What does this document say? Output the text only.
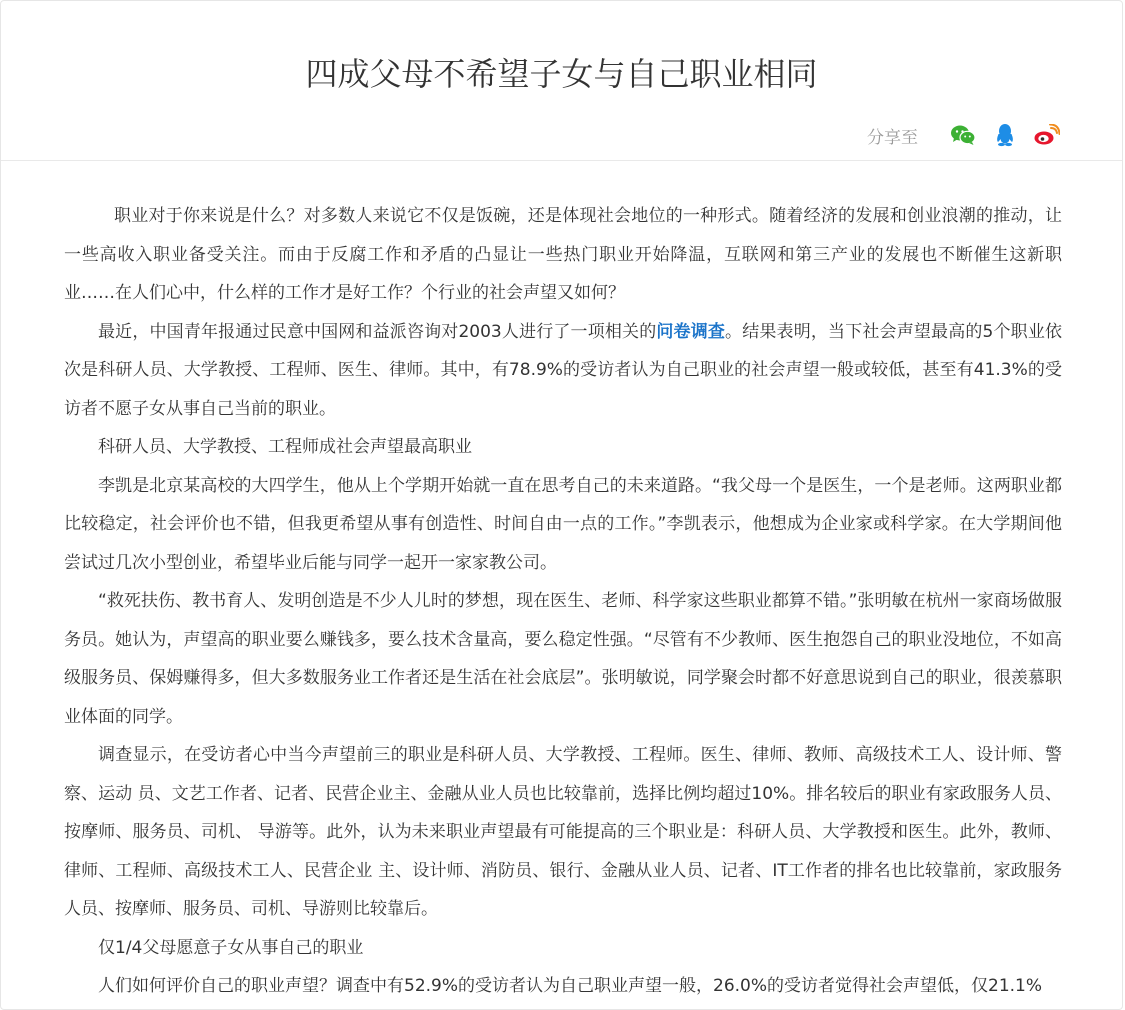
四成父母不希望子女与自己职业相同
分享至

职业对于你来说是什么？对多数人来说它不仅是饭碗，还是体现社会地位的一种形式。随着经济的发展和创业浪潮的推动，让一些高收入职业备受关注。而由于反腐工作和矛盾的凸显让一些热门职业开始降温，互联网和第三产业的发展也不断催生这新职业……在人们心中，什么样的工作才是好工作？个行业的社会声望又如何？

最近，中国青年报通过民意中国网和益派咨询对2003人进行了一项相关的问卷调查。结果表明，当下社会声望最高的5个职业依次是科研人员、大学教授、工程师、医生、律师。其中，有78.9%的受访者认为自己职业的社会声望一般或较低，甚至有41.3%的受访者不愿子女从事自己当前的职业。

科研人员、大学教授、工程师成社会声望最高职业

李凯是北京某高校的大四学生，他从上个学期开始就一直在思考自己的未来道路。“我父母一个是医生，一个是老师。这两职业都比较稳定，社会评价也不错，但我更希望从事有创造性、时间自由一点的工作。”李凯表示，他想成为企业家或科学家。在大学期间他尝试过几次小型创业，希望毕业后能与同学一起开一家家教公司。

“救死扶伤、教书育人、发明创造是不少人儿时的梦想，现在医生、老师、科学家这些职业都算不错。”张明敏在杭州一家商场做服务员。她认为，声望高的职业要么赚钱多，要么技术含量高，要么稳定性强。“尽管有不少教师、医生抱怨自己的职业没地位，不如高级服务员、保姆赚得多，但大多数服务业工作者还是生活在社会底层”。张明敏说，同学聚会时都不好意思说到自己的职业，很羡慕职业体面的同学。

调查显示，在受访者心中当今声望前三的职业是科研人员、大学教授、工程师。医生、律师、教师、高级技术工人、设计师、警察、运动 员、文艺工作者、记者、民营企业主、金融从业人员也比较靠前，选择比例均超过10%。排名较后的职业有家政服务人员、按摩师、服务员、司机、 导游等。此外，认为未来职业声望最有可能提高的三个职业是：科研人员、大学教授和医生。此外，教师、律师、工程师、高级技术工人、民营企业 主、设计师、消防员、银行、金融从业人员、记者、IT工作者的排名也比较靠前，家政服务人员、按摩师、服务员、司机、导游则比较靠后。

仅1/4父母愿意子女从事自己的职业

人们如何评价自己的职业声望？调查中有52.9%的受访者认为自己职业声望一般，26.0%的受访者觉得社会声望低，仅21.1%
